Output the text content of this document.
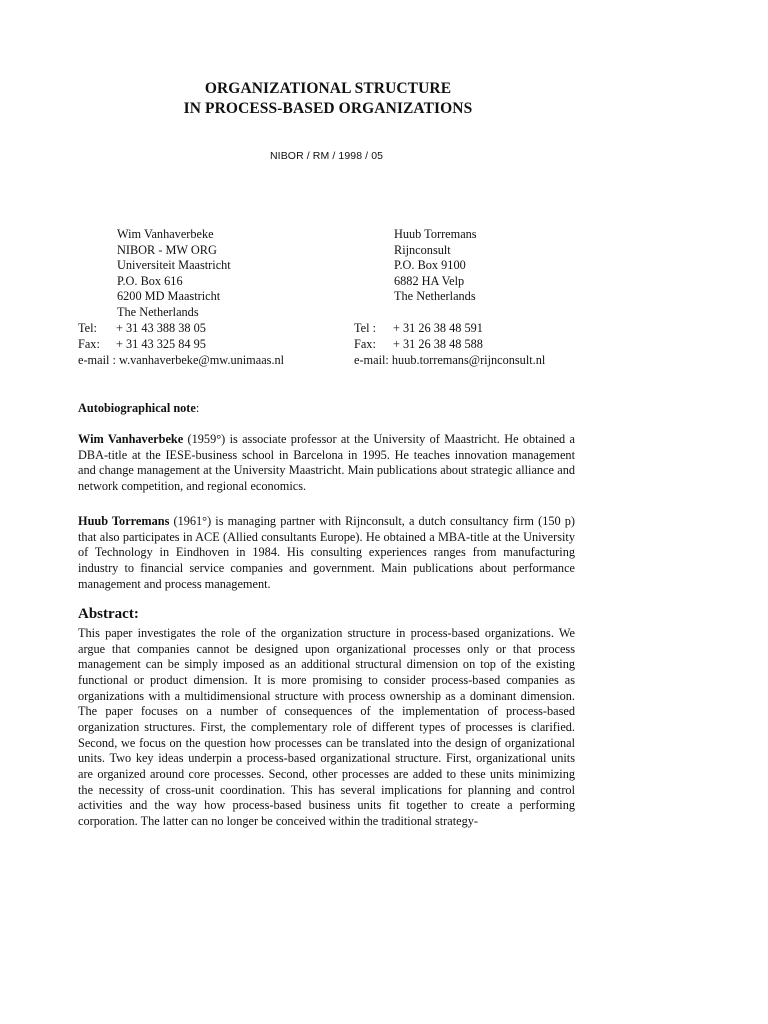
ORGANIZATIONAL STRUCTURE
IN PROCESS-BASED ORGANIZATIONS

NIBOR / RM / 1998 / 05

Wim Vanhaverbeke
NIBOR - MW ORG
Universiteit Maastricht
P.O. Box 616
6200 MD Maastricht
The Netherlands
Huub Torremans
Rijnconsult
P.O. Box 9100
6882 HA Velp
The Netherlands
Tel: + 31 43 388 38 05
Fax: + 31 43 325 84 95
e-mail : w.vanhaverbeke@mw.unimaas.nl
Tel : + 31 26 38 48 591
Fax: + 31 26 38 48 588
e-mail: huub.torremans@rijnconsult.nl

Autobiographical note:

Wim Vanhaverbeke (1959°) is associate professor at the University of Maastricht. He obtained a DBA-title at the IESE-business school in Barcelona in 1995. He teaches innovation management and change management at the University Maastricht. Main publications about strategic alliance and network competition, and regional economics.

Huub Torremans (1961°) is managing partner with Rijnconsult, a dutch consultancy firm (150 p) that also participates in ACE (Allied consultants Europe). He obtained a MBA-title at the University of Technology in Eindhoven in 1984. His consulting experiences ranges from manufacturing industry to financial service companies and government. Main publications about performance management and process management.

Abstract:

This paper investigates the role of the organization structure in process-based organizations. We argue that companies cannot be designed upon organizational processes only or that process management can be simply imposed as an additional structural dimension on top of the existing functional or product dimension. It is more promising to consider process-based companies as organizations with a multidimensional structure with process ownership as a dominant dimension. The paper focuses on a number of consequences of the implementation of process-based organization structures. First, the complementary role of different types of processes is clarified. Second, we focus on the question how processes can be translated into the design of organizational units. Two key ideas underpin a process-based organizational structure. First, organizational units are organized around core processes. Second, other processes are added to these units minimizing the necessity of cross-unit coordination. This has several implications for planning and control activities and the way how process-based business units fit together to create a performing corporation. The latter can no longer be conceived within the traditional strategy-
